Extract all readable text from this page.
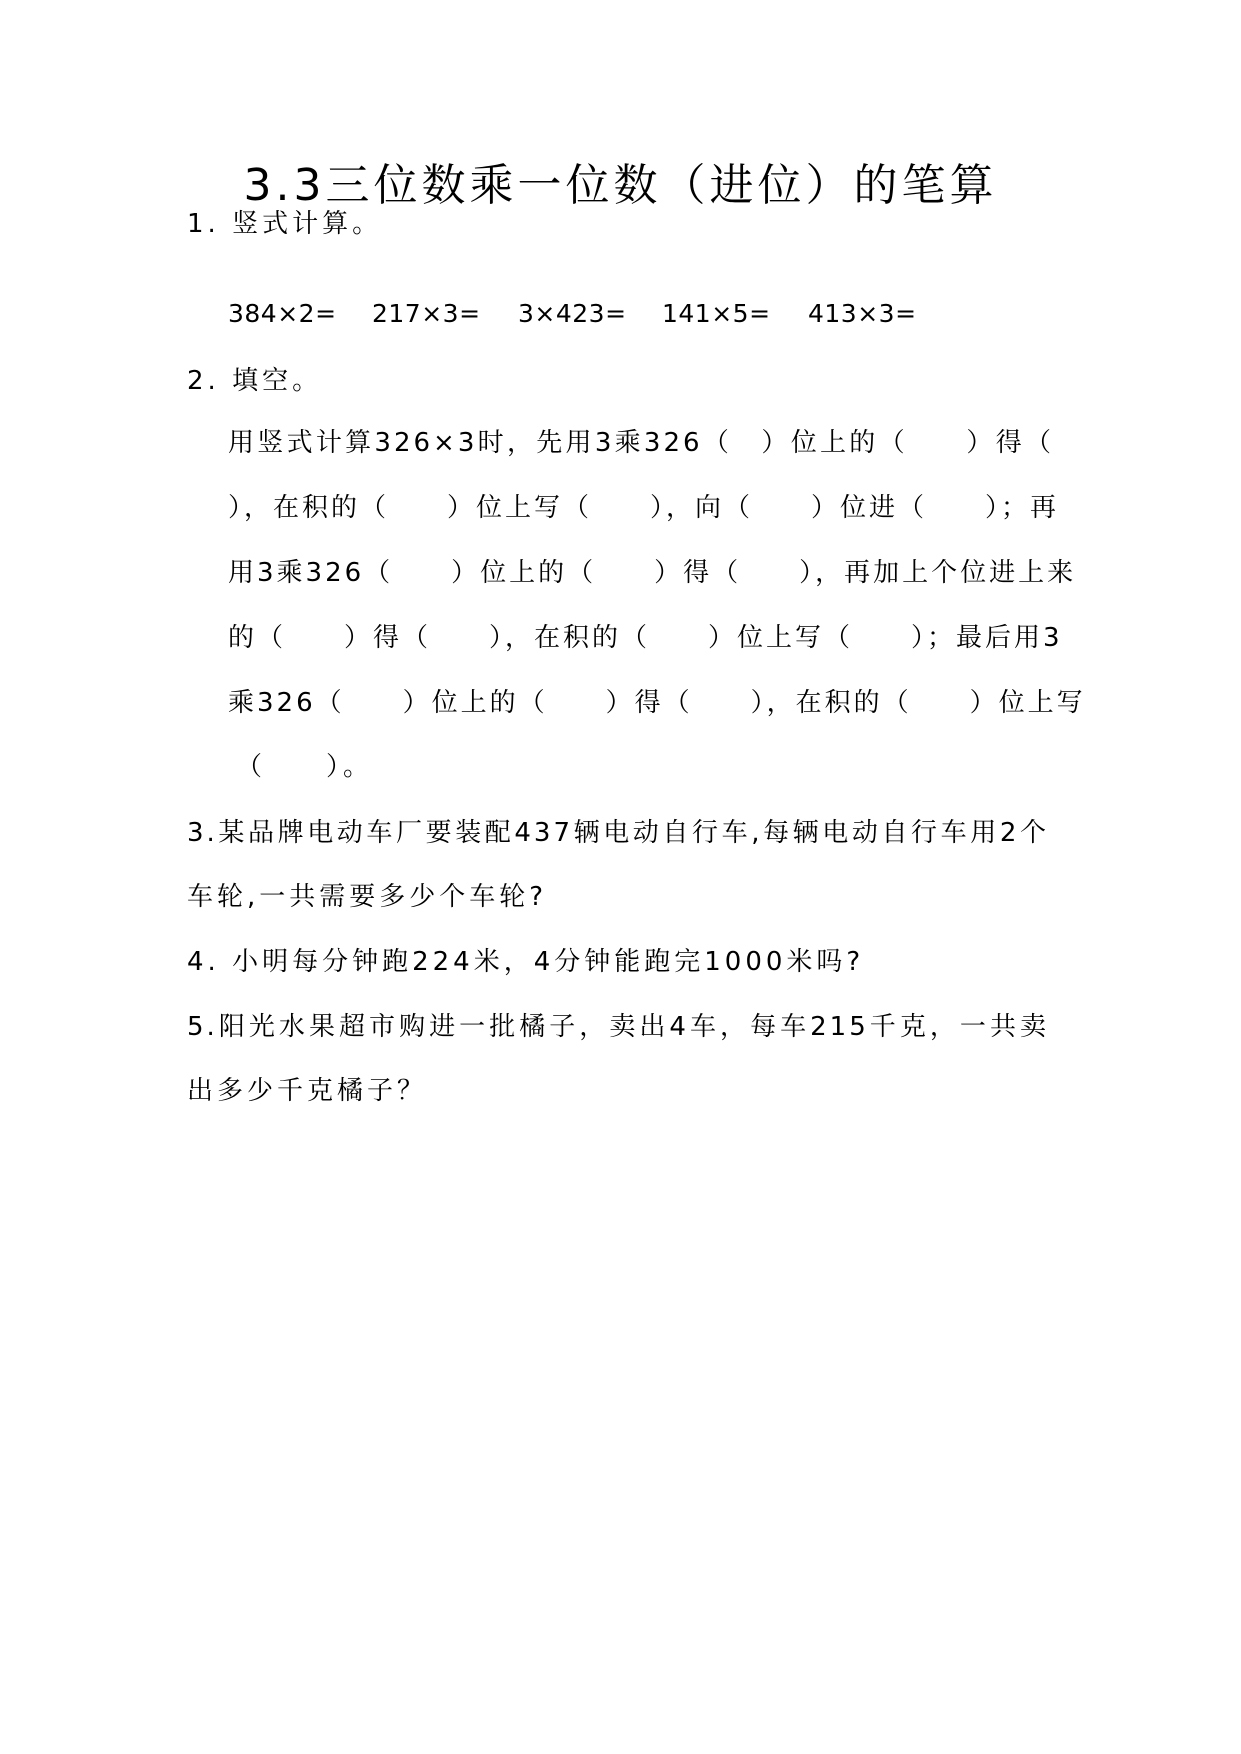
3.3三位数乘一位数（进位）的笔算
1. 竖式计算。
384×2= 217×3= 3×423= 141×5= 413×3=
2. 填空。
用竖式计算326×3时，先用3乘326（　）位上的（　　）得（
），在积的（　　）位上写（　　），向（　　）位进（　　）；再
用3乘326（　　）位上的（　　）得（　　），再加上个位进上来
的（　　）得（　　），在积的（　　）位上写（　　）；最后用3
乘326（　　）位上的（　　）得（　　），在积的（　　）位上写
（　　）。
3.某品牌电动车厂要装配437辆电动自行车,每辆电动自行车用2个
车轮,一共需要多少个车轮?
4. 小明每分钟跑224米，4分钟能跑完1000米吗?
5.阳光水果超市购进一批橘子，卖出4车，每车215千克，一共卖
出多少千克橘子？
